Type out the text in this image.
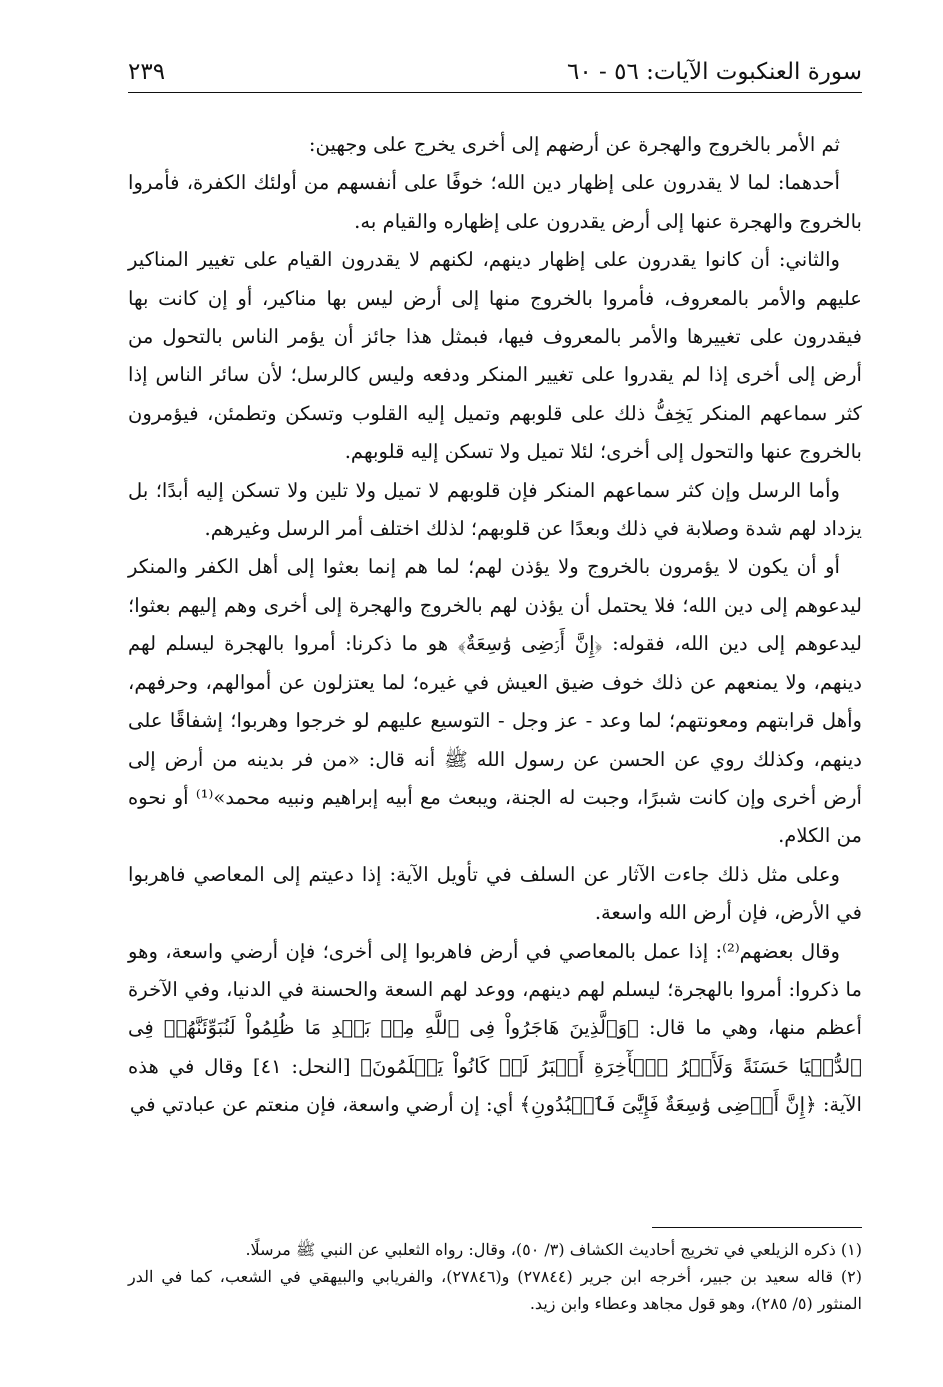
سورة العنكبوت الآيات: ٥٦ - ٦٠
٢٣٩

ثم الأمر بالخروج والهجرة عن أرضهم إلى أخرى يخرج على وجهين:

أحدهما: لما لا يقدرون على إظهار دين الله؛ خوفًا على أنفسهم من أولئك الكفرة، فأمروا بالخروج والهجرة عنها إلى أرض يقدرون على إظهاره والقيام به.

والثاني: أن كانوا يقدرون على إظهار دينهم، لكنهم لا يقدرون القيام على تغيير المناكير عليهم والأمر بالمعروف، فأمروا بالخروج منها إلى أرض ليس بها مناكير، أو إن كانت بها فيقدرون على تغييرها والأمر بالمعروف فيها، فبمثل هذا جائز أن يؤمر الناس بالتحول من أرض إلى أخرى إذا لم يقدروا على تغيير المنكر ودفعه وليس كالرسل؛ لأن سائر الناس إذا كثر سماعهم المنكر يَخِفُّ ذلك على قلوبهم وتميل إليه القلوب وتسكن وتطمئن، فيؤمرون بالخروج عنها والتحول إلى أخرى؛ لئلا تميل ولا تسكن إليه قلوبهم.

وأما الرسل وإن كثر سماعهم المنكر فإن قلوبهم لا تميل ولا تلين ولا تسكن إليه أبدًا؛ بل يزداد لهم شدة وصلابة في ذلك وبعدًا عن قلوبهم؛ لذلك اختلف أمر الرسل وغيرهم.

أو أن يكون لا يؤمرون بالخروج ولا يؤذن لهم؛ لما هم إنما بعثوا إلى أهل الكفر والمنكر ليدعوهم إلى دين الله؛ فلا يحتمل أن يؤذن لهم بالخروج والهجرة إلى أخرى وهم إليهم بعثوا؛ ليدعوهم إلى دين الله، فقوله: ﴿إِنَّ أَرۡضِى وَٰسِعَةٌ﴾ هو ما ذكرنا: أمروا بالهجرة ليسلم لهم دينهم، ولا يمنعهم عن ذلك خوف ضيق العيش في غيره؛ لما يعتزلون عن أموالهم، وحرفهم، وأهل قرابتهم ومعونتهم؛ لما وعد - عز وجل - التوسيع عليهم لو خرجوا وهربوا؛ إشفاقًا على دينهم، وكذلك روي عن الحسن عن رسول الله ﷺ أنه قال: «من فر بدينه من أرض إلى أرض أخرى وإن كانت شبرًا، وجبت له الجنة، ويبعث مع أبيه إبراهيم ونبيه محمد»⁽¹⁾ أو نحوه من الكلام.

وعلى مثل ذلك جاءت الآثار عن السلف في تأويل الآية: إذا دعيتم إلى المعاصي فاهربوا في الأرض، فإن أرض الله واسعة.

وقال بعضهم⁽²⁾: إذا عمل بالمعاصي في أرض فاهربوا إلى أخرى؛ فإن أرضي واسعة، وهو ما ذكروا: أمروا بالهجرة؛ ليسلم لهم دينهم، ووعد لهم السعة والحسنة في الدنيا، وفي الآخرة أعظم منها، وهي ما قال: ﴿وَٱلَّذِينَ هَاجَرُواْ فِى ٱللَّهِ مِنۢ بَعۡدِ مَا ظُلِمُواْ لَنُبَوِّئَنَّهُمۡ فِى ٱلدُّنۡيَا حَسَنَةً وَلَأَجۡرُ ٱلۡأٓخِرَةِ أَكۡبَرُ لَوۡ كَانُواْ يَعۡلَمُونَ﴾ [النحل: ٤١] وقال في هذه الآية: ﴿إِنَّ أَرۡضِى وَٰسِعَةٌ فَإِيَّٰىَ فَٱعۡبُدُونِ﴾ أي: إن أرضي واسعة، فإن منعتم عن عبادتي في

(١) ذكره الزيلعي في تخريج أحاديث الكشاف (٣/ ٥٠)، وقال: رواه الثعلبي عن النبي ﷺ مرسلًا.

(٢) قاله سعيد بن جبير، أخرجه ابن جرير (٢٧٨٤٤) و(٢٧٨٤٦)، والفريابي والبيهقي في الشعب، كما في الدر المنثور (٥/ ٢٨٥)، وهو قول مجاهد وعطاء وابن زيد.
